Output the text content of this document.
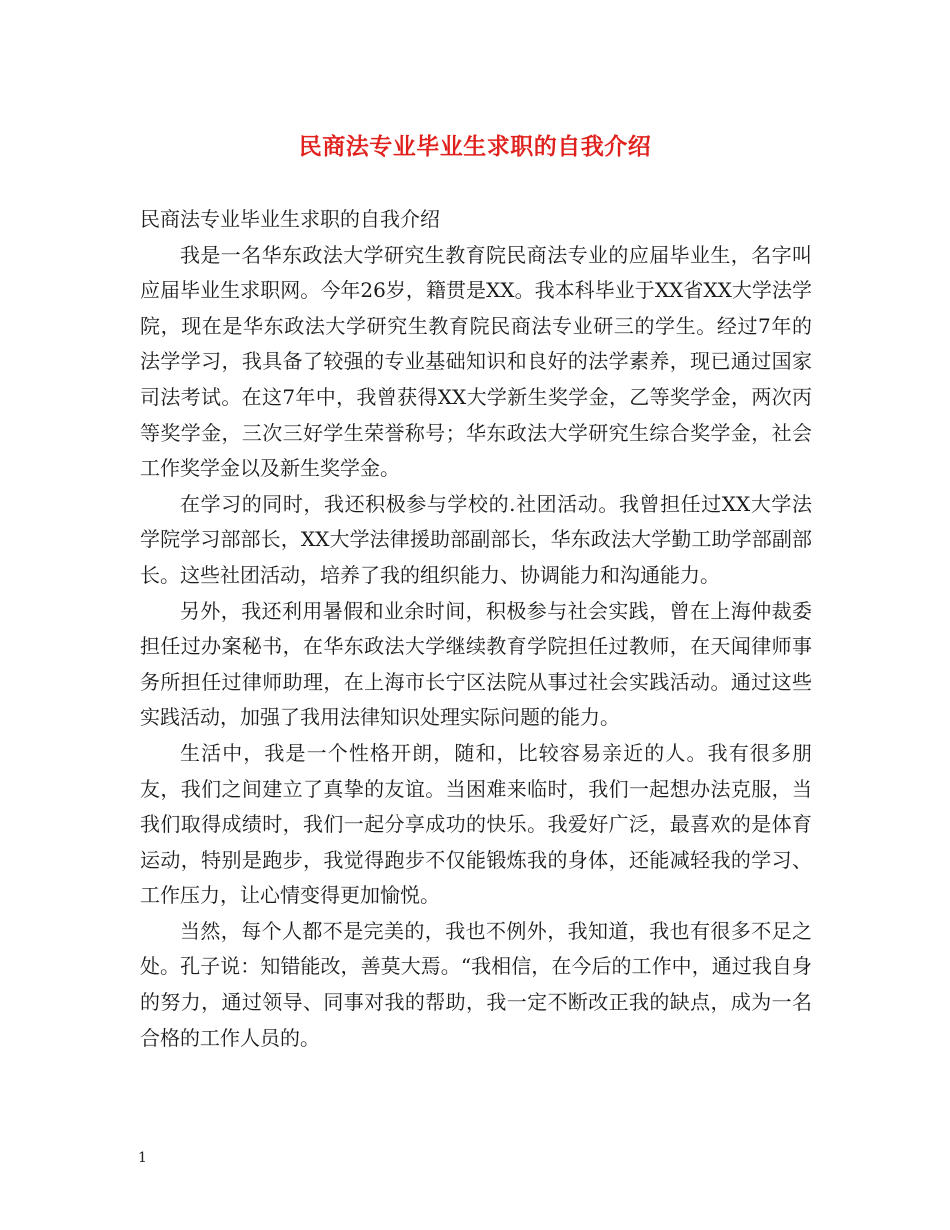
民商法专业毕业生求职的自我介绍

民商法专业毕业生求职的自我介绍

我是一名华东政法大学研究生教育院民商法专业的应届毕业生，名字叫应届毕业生求职网。今年26岁，籍贯是XX。我本科毕业于XX省XX大学法学院，现在是华东政法大学研究生教育院民商法专业研三的学生。经过7年的法学学习，我具备了较强的专业基础知识和良好的法学素养，现已通过国家司法考试。在这7年中，我曾获得XX大学新生奖学金，乙等奖学金，两次丙等奖学金，三次三好学生荣誉称号；华东政法大学研究生综合奖学金，社会工作奖学金以及新生奖学金。

在学习的同时，我还积极参与学校的.社团活动。我曾担任过XX大学法学院学习部部长，XX大学法律援助部副部长，华东政法大学勤工助学部副部长。这些社团活动，培养了我的组织能力、协调能力和沟通能力。

另外，我还利用暑假和业余时间，积极参与社会实践，曾在上海仲裁委担任过办案秘书，在华东政法大学继续教育学院担任过教师，在天闻律师事务所担任过律师助理，在上海市长宁区法院从事过社会实践活动。通过这些实践活动，加强了我用法律知识处理实际问题的能力。

生活中，我是一个性格开朗，随和，比较容易亲近的人。我有很多朋友，我们之间建立了真挚的友谊。当困难来临时，我们一起想办法克服，当我们取得成绩时，我们一起分享成功的快乐。我爱好广泛，最喜欢的是体育运动，特别是跑步，我觉得跑步不仅能锻炼我的身体，还能减轻我的学习、工作压力，让心情变得更加愉悦。

当然，每个人都不是完美的，我也不例外，我知道，我也有很多不足之处。孔子说：知错能改，善莫大焉。“我相信，在今后的工作中，通过我自身的努力，通过领导、同事对我的帮助，我一定不断改正我的缺点，成为一名合格的工作人员的。

1
